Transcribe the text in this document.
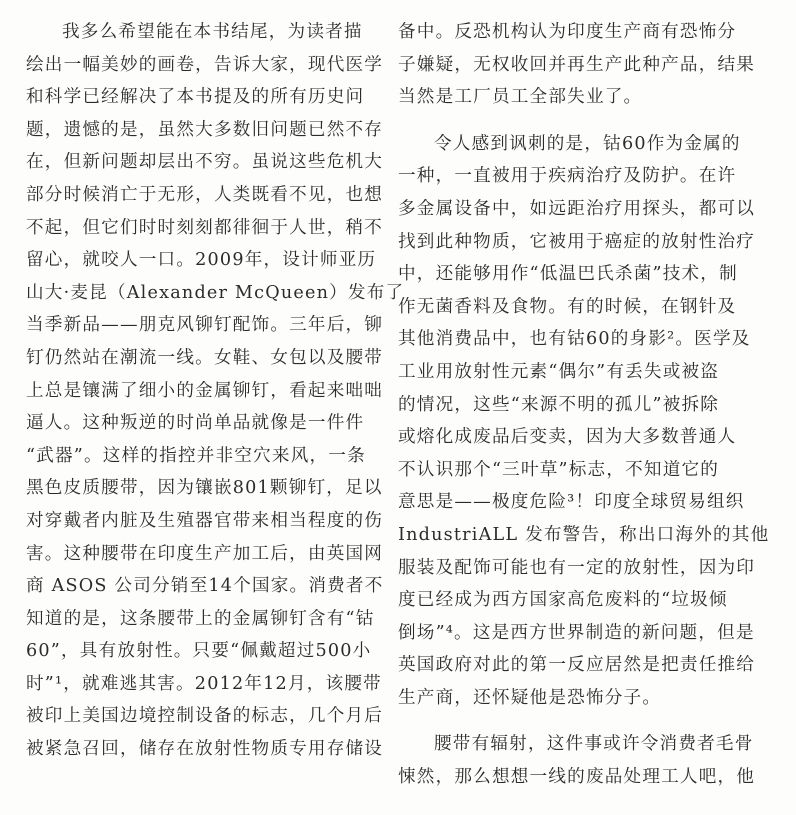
我多么希望能在本书结尾，为读者描
绘出一幅美妙的画卷，告诉大家，现代医学
和科学已经解决了本书提及的所有历史问
题，遗憾的是，虽然大多数旧问题已然不存
在，但新问题却层出不穷。虽说这些危机大
部分时候消亡于无形，人类既看不见，也想
不起，但它们时时刻刻都徘徊于人世，稍不
留心，就咬人一口。2009年，设计师亚历
山大·麦昆（Alexander McQueen）发布了
当季新品——朋克风铆钉配饰。三年后，铆
钉仍然站在潮流一线。女鞋、女包以及腰带
上总是镶满了细小的金属铆钉，看起来咄咄
逼人。这种叛逆的时尚单品就像是一件件
“武器”。这样的指控并非空穴来风，一条
黑色皮质腰带，因为镶嵌801颗铆钉，足以
对穿戴者内脏及生殖器官带来相当程度的伤
害。这种腰带在印度生产加工后，由英国网
商 ASOS 公司分销至14个国家。消费者不
知道的是，这条腰带上的金属铆钉含有“钴
60”，具有放射性。只要“佩戴超过500小
时”¹，就难逃其害。2012年12月，该腰带
被印上美国边境控制设备的标志，几个月后
被紧急召回，储存在放射性物质专用存储设
备中。反恐机构认为印度生产商有恐怖分
子嫌疑，无权收回并再生产此种产品，结果
当然是工厂员工全部失业了。
令人感到讽刺的是，钴60作为金属的
一种，一直被用于疾病治疗及防护。在许
多金属设备中，如远距治疗用探头，都可以
找到此种物质，它被用于癌症的放射性治疗
中，还能够用作“低温巴氏杀菌”技术，制
作无菌香料及食物。有的时候，在钢针及
其他消费品中，也有钴60的身影²。医学及
工业用放射性元素“偶尔”有丢失或被盗
的情况，这些“来源不明的孤儿”被拆除
或熔化成废品后变卖，因为大多数普通人
不认识那个“三叶草”标志，不知道它的
意思是——极度危险³！印度全球贸易组织
IndustriALL 发布警告，称出口海外的其他
服装及配饰可能也有一定的放射性，因为印
度已经成为西方国家高危废料的“垃圾倾
倒场”⁴。这是西方世界制造的新问题，但是
英国政府对此的第一反应居然是把责任推给
生产商，还怀疑他是恐怖分子。
腰带有辐射，这件事或许令消费者毛骨
悚然，那么想想一线的废品处理工人吧，他
